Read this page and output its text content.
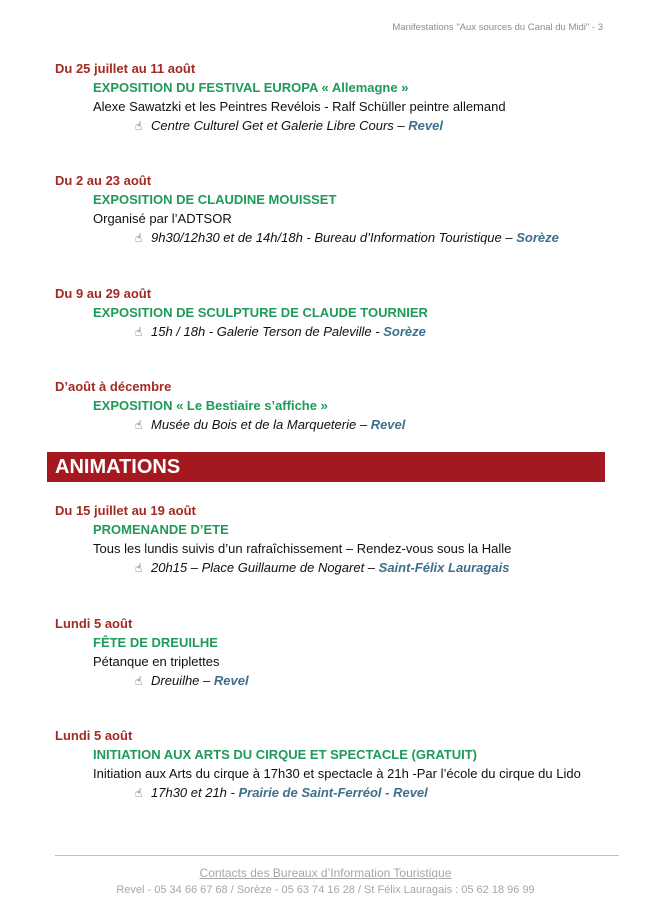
Manifestations "Aux sources du Canal du Midi" - 3
Du 25 juillet au 11 août
EXPOSITION DU FESTIVAL EUROPA « Allemagne »
Alexe Sawatzki et les Peintres Revélois - Ralf Schüller peintre allemand
☝ Centre Culturel Get et Galerie Libre Cours – Revel
Du 2 au 23 août
EXPOSITION DE CLAUDINE MOUISSET
Organisé par l’ADTSOR
☝ 9h30/12h30 et de 14h/18h - Bureau d’Information Touristique – Sorèze
Du 9 au 29 août
EXPOSITION DE SCULPTURE DE CLAUDE TOURNIER
☝ 15h / 18h - Galerie Terson de Paleville - Sorèze
D’août à décembre
EXPOSITION « Le Bestiaire s’affiche »
☝ Musée du Bois et de la Marqueterie – Revel
ANIMATIONS
Du 15 juillet au 19 août
PROMENANDE D’ETE
Tous les lundis suivis d’un rafraîchissement – Rendez-vous sous la Halle
☝ 20h15 – Place Guillaume de Nogaret – Saint-Félix Lauragais
Lundi 5 août
FÊTE DE DREUILHE
Pétanque en triplettes
☝ Dreuilhe – Revel
Lundi 5 août
INITIATION AUX ARTS DU CIRQUE ET SPECTACLE (GRATUIT)
Initiation aux Arts du cirque à 17h30 et spectacle à 21h -Par l’école du cirque du Lido
☝ 17h30 et 21h - Prairie de Saint-Ferréol - Revel
Contacts des Bureaux d’Information Touristique
Revel - 05 34 66 67 68 / Sorèze - 05 63 74 16 28 / St Félix Lauragais : 05 62 18 96 99
